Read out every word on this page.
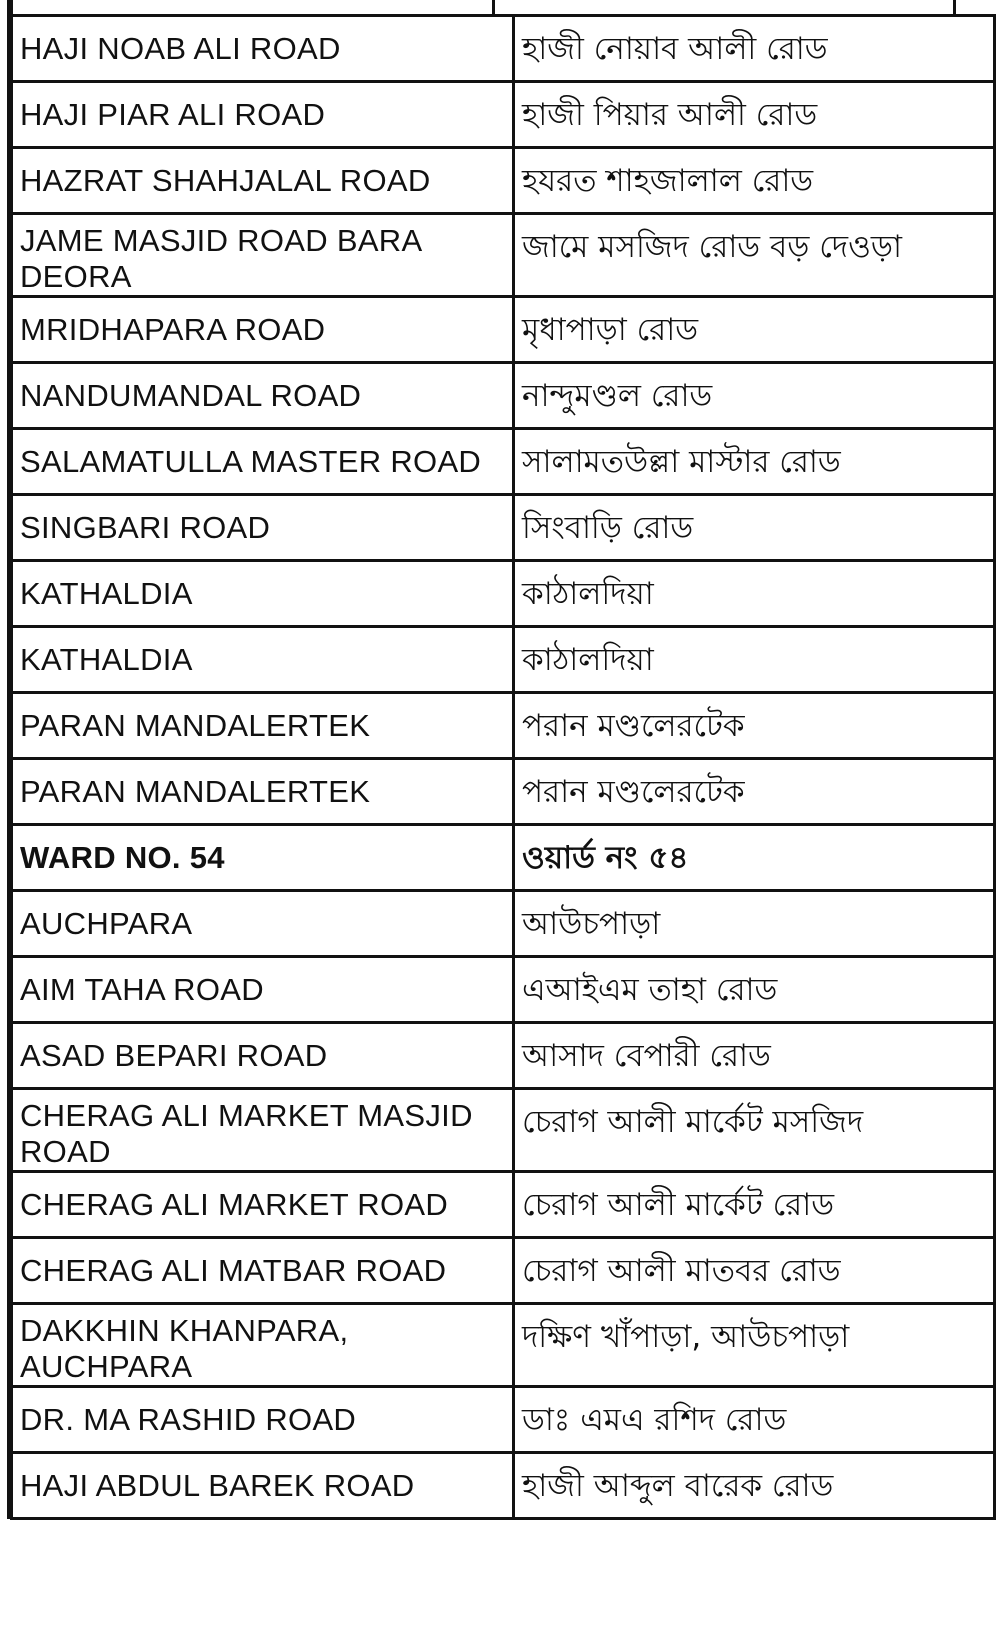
HAJI NOAB ALI ROAD	হাজী নোয়াব আলী রোড
HAJI PIAR ALI ROAD	হাজী পিয়ার আলী রোড
HAZRAT SHAHJALAL ROAD	হযরত শাহজালাল রোড
JAME MASJID ROAD BARA DEORA	জামে মসজিদ রোড বড় দেওড়া
MRIDHAPARA ROAD	মৃধাপাড়া রোড
NANDUMANDAL ROAD	নান্দুমণ্ডল রোড
SALAMATULLA MASTER ROAD	সালামতউল্লা মাস্টার রোড
SINGBARI ROAD	সিংবাড়ি রোড
KATHALDIA	কাঠালদিয়া
KATHALDIA	কাঠালদিয়া
PARAN MANDALERTEK	পরান মণ্ডলেরটেক
PARAN MANDALERTEK	পরান মণ্ডলেরটেক
WARD NO. 54	ওয়ার্ড নং ৫৪
AUCHPARA	আউচপাড়া
AIM TAHA ROAD	এআইএম তাহা রোড
ASAD BEPARI ROAD	আসাদ বেপারী রোড
CHERAG ALI MARKET MASJID ROAD	চেরাগ আলী মার্কেট মসজিদ
CHERAG ALI MARKET ROAD	চেরাগ আলী মার্কেট রোড
CHERAG ALI MATBAR ROAD	চেরাগ আলী মাতবর রোড
DAKKHIN KHANPARA, AUCHPARA	দক্ষিণ খাঁপাড়া, আউচপাড়া
DR. MA RASHID ROAD	ডাঃ এমএ রশিদ রোড
HAJI ABDUL BAREK ROAD	হাজী আব্দুল বারেক রোড
